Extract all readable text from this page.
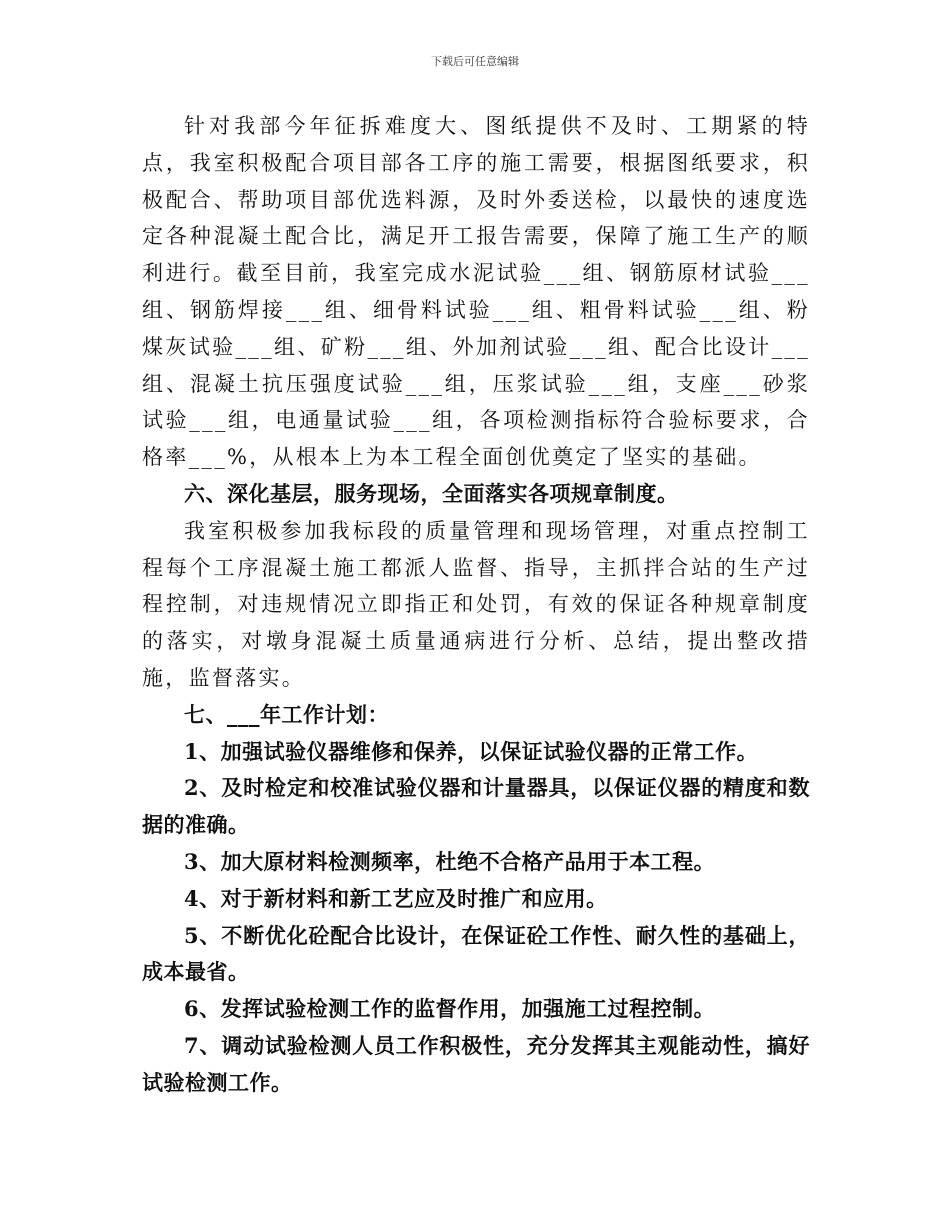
下载后可任意编辑

针对我部今年征拆难度大、图纸提供不及时、工期紧的特点，我室积极配合项目部各工序的施工需要，根据图纸要求，积极配合、帮助项目部优选料源，及时外委送检，以最快的速度选定各种混凝土配合比，满足开工报告需要，保障了施工生产的顺利进行。截至目前，我室完成水泥试验___组、钢筋原材试验___组、钢筋焊接___组、细骨料试验___组、粗骨料试验___组、粉煤灰试验___组、矿粉___组、外加剂试验___组、配合比设计___组、混凝土抗压强度试验___组，压浆试验___组，支座___砂浆试验___组，电通量试验___组，各项检测指标符合验标要求，合格率___%，从根本上为本工程全面创优奠定了坚实的基础。

六、深化基层，服务现场，全面落实各项规章制度。

我室积极参加我标段的质量管理和现场管理，对重点控制工程每个工序混凝土施工都派人监督、指导，主抓拌合站的生产过程控制，对违规情况立即指正和处罚，有效的保证各种规章制度的落实，对墩身混凝土质量通病进行分析、总结，提出整改措施，监督落实。

七、___年工作计划：

1、加强试验仪器维修和保养，以保证试验仪器的正常工作。

2、及时检定和校准试验仪器和计量器具，以保证仪器的精度和数据的准确。

3、加大原材料检测频率，杜绝不合格产品用于本工程。

4、对于新材料和新工艺应及时推广和应用。

5、不断优化砼配合比设计，在保证砼工作性、耐久性的基础上，成本最省。

6、发挥试验检测工作的监督作用，加强施工过程控制。

7、调动试验检测人员工作积极性，充分发挥其主观能动性，搞好试验检测工作。
